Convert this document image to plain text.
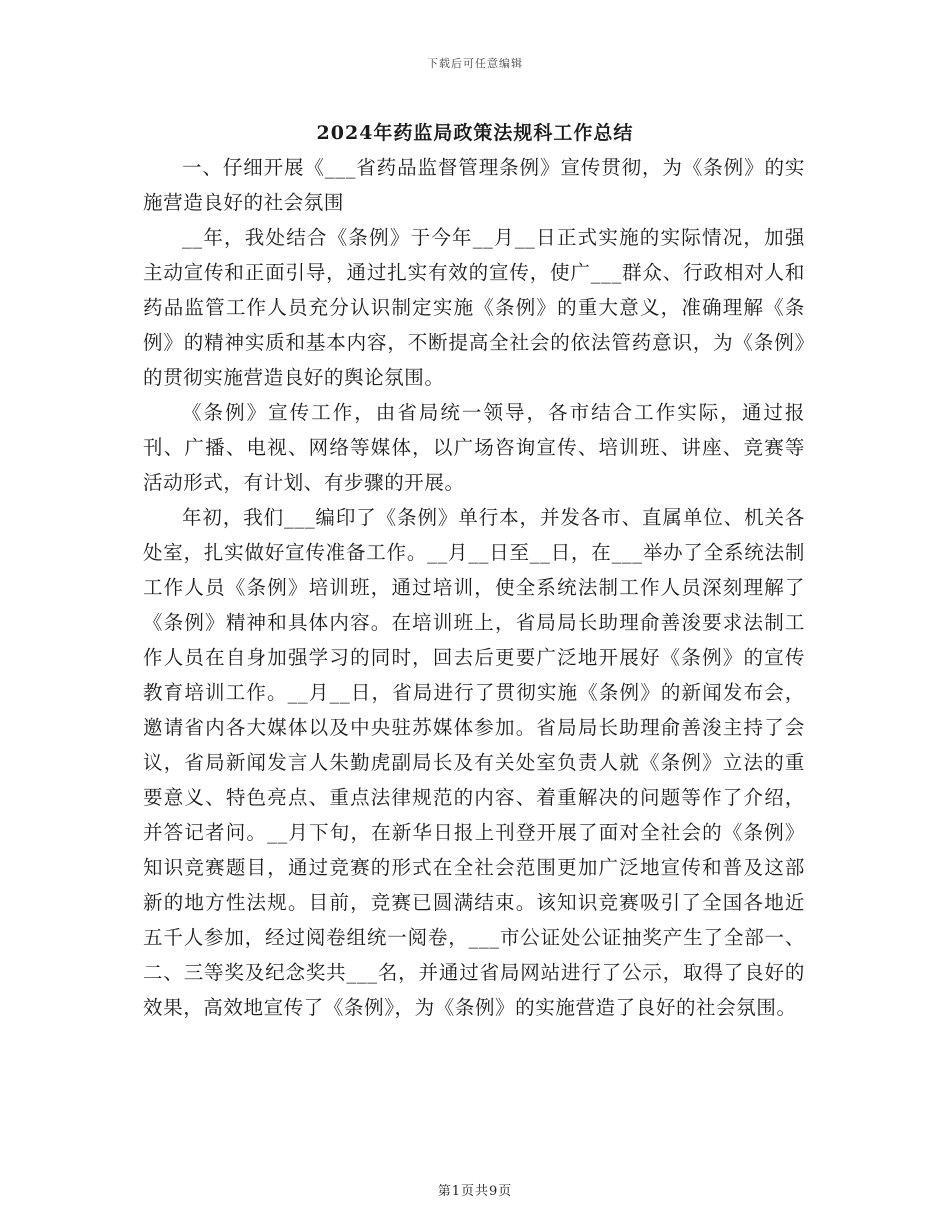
下载后可任意编辑
2024年药监局政策法规科工作总结

一、仔细开展《___省药品监督管理条例》宣传贯彻，为《条例》的实施营造良好的社会氛围

__年，我处结合《条例》于今年__月__日正式实施的实际情况，加强主动宣传和正面引导，通过扎实有效的宣传，使广___群众、行政相对人和药品监管工作人员充分认识制定实施《条例》的重大意义，准确理解《条例》的精神实质和基本内容，不断提高全社会的依法管药意识，为《条例》的贯彻实施营造良好的舆论氛围。

《条例》宣传工作，由省局统一领导，各市结合工作实际，通过报刊、广播、电视、网络等媒体，以广场咨询宣传、培训班、讲座、竞赛等活动形式，有计划、有步骤的开展。

年初，我们___编印了《条例》单行本，并发各市、直属单位、机关各处室，扎实做好宣传准备工作。__月__日至__日，在___举办了全系统法制工作人员《条例》培训班，通过培训，使全系统法制工作人员深刻理解了《条例》精神和具体内容。在培训班上，省局局长助理俞善浚要求法制工作人员在自身加强学习的同时，回去后更要广泛地开展好《条例》的宣传教育培训工作。__月__日，省局进行了贯彻实施《条例》的新闻发布会，邀请省内各大媒体以及中央驻苏媒体参加。省局局长助理俞善浚主持了会议，省局新闻发言人朱勤虎副局长及有关处室负责人就《条例》立法的重要意义、特色亮点、重点法律规范的内容、着重解决的问题等作了介绍，并答记者问。__月下旬，在新华日报上刊登开展了面对全社会的《条例》知识竞赛题目，通过竞赛的形式在全社会范围更加广泛地宣传和普及这部新的地方性法规。目前，竞赛已圆满结束。该知识竞赛吸引了全国各地近五千人参加，经过阅卷组统一阅卷，___市公证处公证抽奖产生了全部一、二、三等奖及纪念奖共___名，并通过省局网站进行了公示，取得了良好的效果，高效地宣传了《条例》，为《条例》的实施营造了良好的社会氛围。

第1页共9页
